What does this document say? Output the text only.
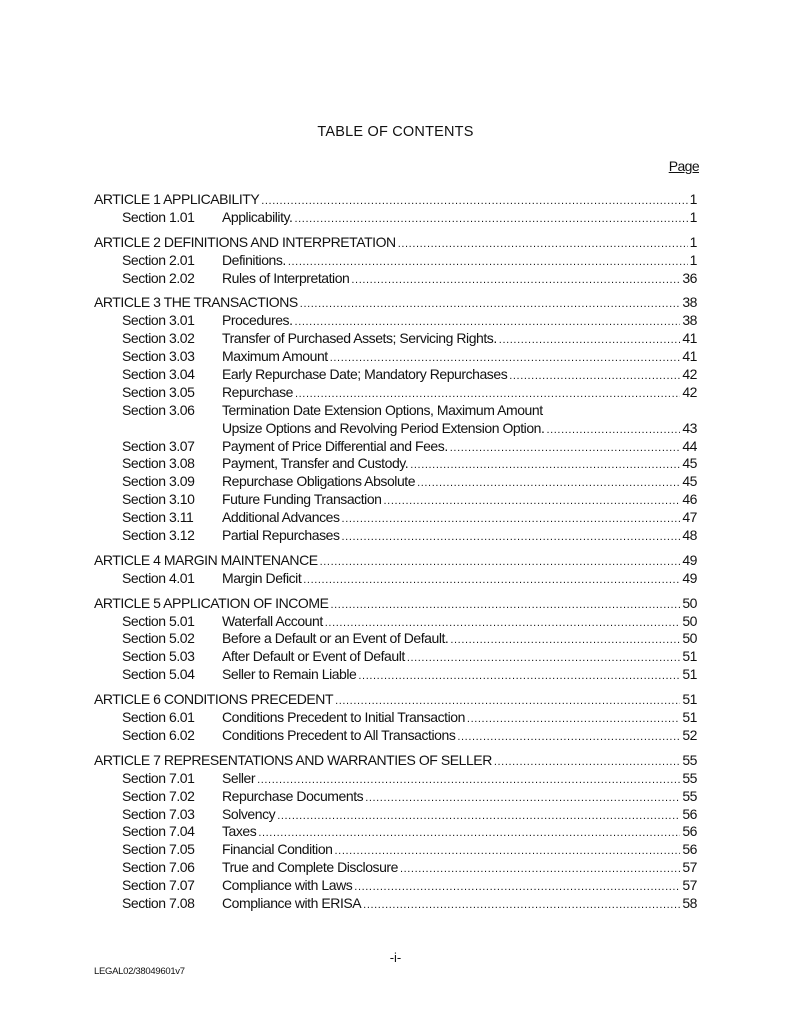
TABLE OF CONTENTS
Page
ARTICLE 1 APPLICABILITY .....	1
Section 1.01	Applicability. .....	1
ARTICLE 2 DEFINITIONS AND INTERPRETATION .....	1
Section 2.01	Definitions. .....	1
Section 2.02	Rules of Interpretation .....	36
ARTICLE 3 THE TRANSACTIONS .....	38
Section 3.01	Procedures. .....	38
Section 3.02	Transfer of Purchased Assets; Servicing Rights. .....	41
Section 3.03	Maximum Amount .....	41
Section 3.04	Early Repurchase Date; Mandatory Repurchases .....	42
Section 3.05	Repurchase .....	42
Section 3.06	Termination Date Extension Options, Maximum Amount
Upsize Options and Revolving Period Extension Option. .....	43
Section 3.07	Payment of Price Differential and Fees. .....	44
Section 3.08	Payment, Transfer and Custody. .....	45
Section 3.09	Repurchase Obligations Absolute .....	45
Section 3.10	Future Funding Transaction .....	46
Section 3.11	Additional Advances .....	47
Section 3.12	Partial Repurchases .....	48
ARTICLE 4 MARGIN MAINTENANCE .....	49
Section 4.01	Margin Deficit .....	49
ARTICLE 5 APPLICATION OF INCOME .....	50
Section 5.01	Waterfall Account .....	50
Section 5.02	Before a Default or an Event of Default. .....	50
Section 5.03	After Default or Event of Default .....	51
Section 5.04	Seller to Remain Liable .....	51
ARTICLE 6 CONDITIONS PRECEDENT .....	51
Section 6.01	Conditions Precedent to Initial Transaction .....	51
Section 6.02	Conditions Precedent to All Transactions .....	52
ARTICLE 7 REPRESENTATIONS AND WARRANTIES OF SELLER .....	55
Section 7.01	Seller .....	55
Section 7.02	Repurchase Documents .....	55
Section 7.03	Solvency .....	56
Section 7.04	Taxes .....	56
Section 7.05	Financial Condition .....	56
Section 7.06	True and Complete Disclosure .....	57
Section 7.07	Compliance with Laws .....	57
Section 7.08	Compliance with ERISA .....	58
-i-
LEGAL02/38049601v7
